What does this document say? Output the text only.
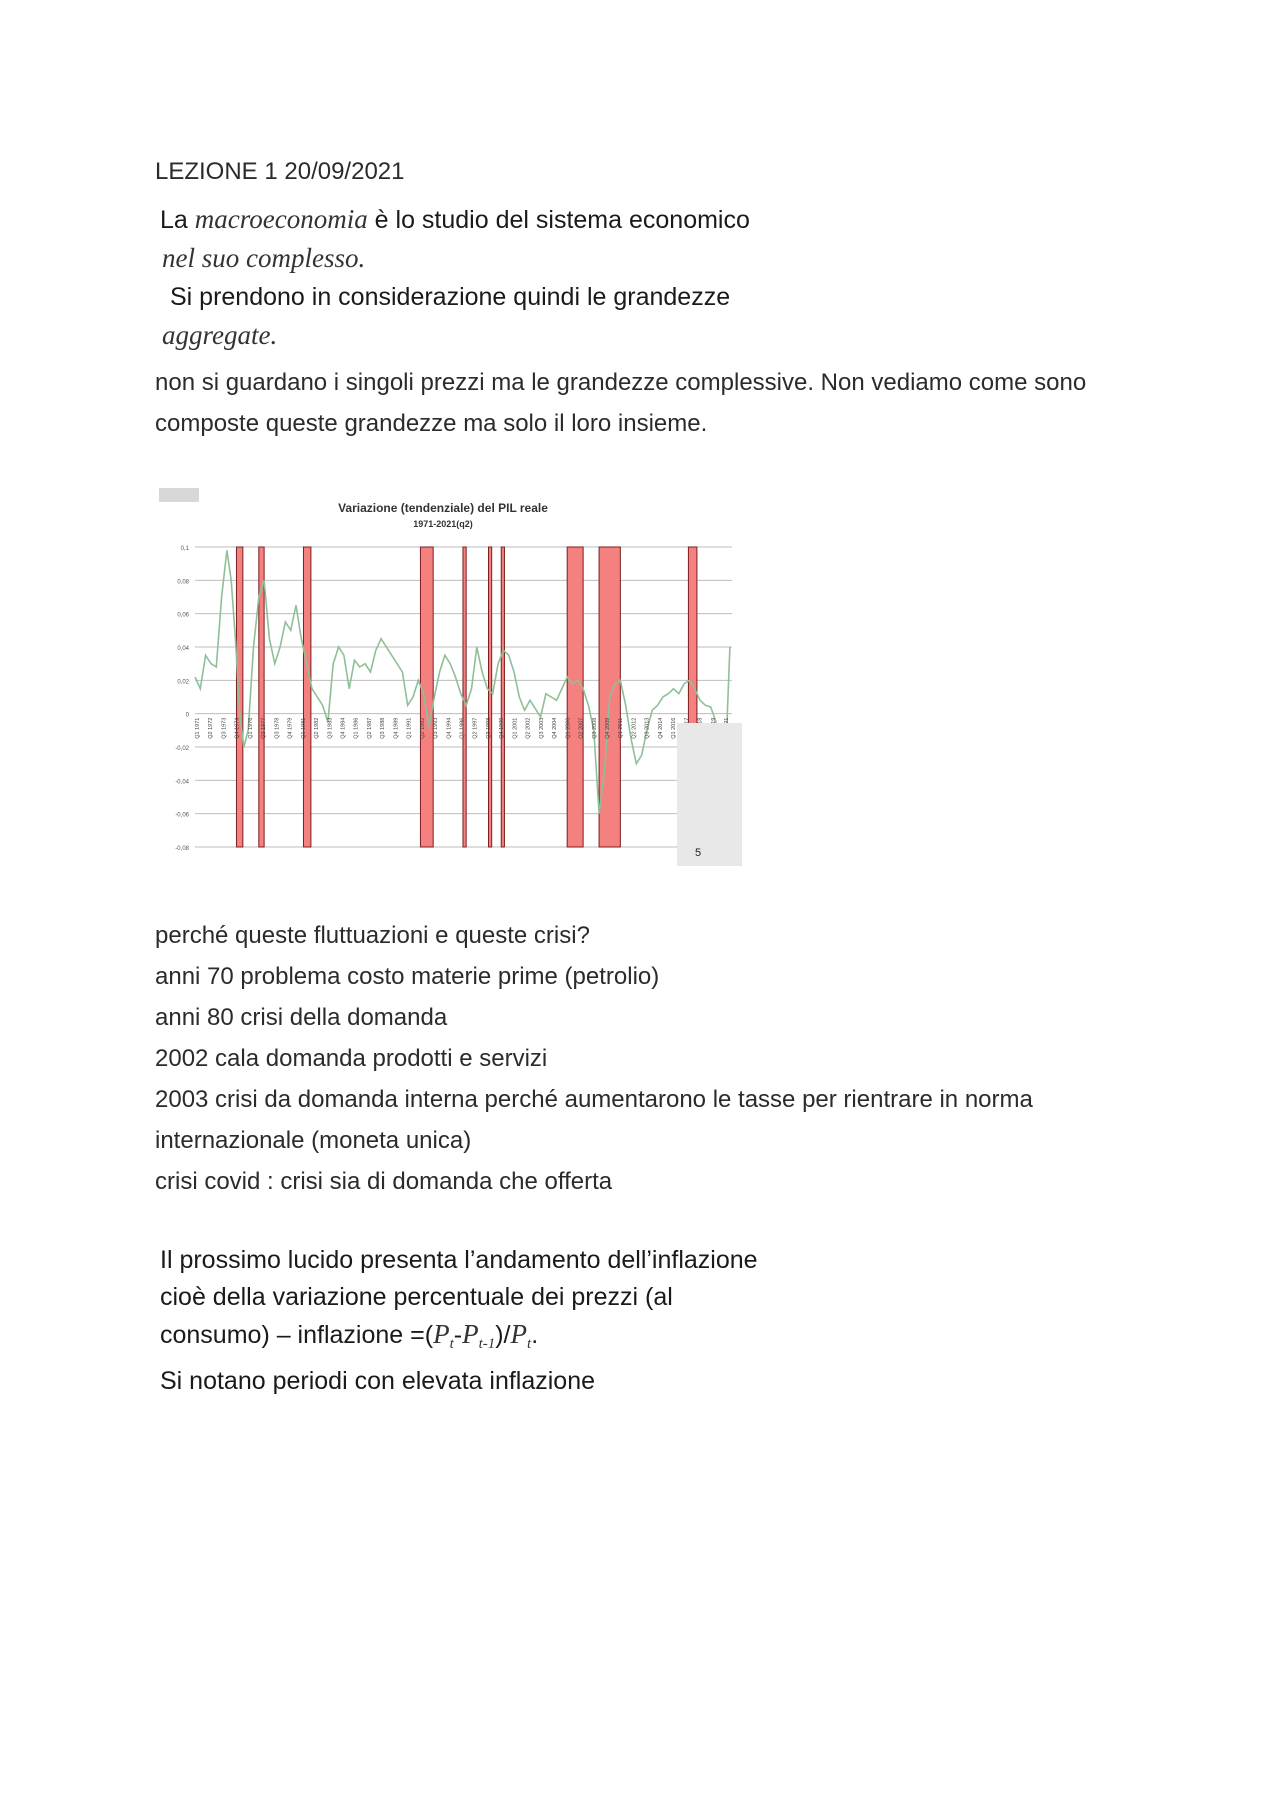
LEZIONE 1 20/09/2021
La macroeconomia è lo studio del sistema economico
nel suo complesso.
Si prendono in considerazione quindi le grandezze
aggregate.
non si guardano i singoli prezzi ma le grandezze complessive. Non vediamo come sono
composte queste grandezze ma solo il loro insieme.
Variazione (tendenziale) del PIL reale
1971-2021(q2)
0,1
0,08
0,06
0,04
0,02
0
-0,02
-0,04
-0,06
-0,08
Q1 1971 Q2 1972 Q3 1973 Q4 1974 Q1 1976 Q2 1977 Q3 1978 Q4 1979 Q1 1981 Q2 1982 Q3 1983 Q4 1984 Q1 1986 Q2 1987 Q3 1988 Q4 1989 Q1 1991 Q2 1992 Q3 1993 Q4 1994 Q1 1996 Q2 1997 Q3 1998 Q4 1999 Q1 2001 Q2 2002 Q3 2003 Q4 2004 Q1 2006 Q2 2007 Q3 2008 Q4 2009 Q1 2011 Q2 2012 Q3 2013 Q4 2014 Q1 2016
5
perché queste fluttuazioni e queste crisi?
anni 70 problema costo materie prime (petrolio)
anni 80 crisi della domanda
2002 cala domanda prodotti e servizi
2003 crisi da domanda interna perché aumentarono le tasse per rientrare in norma
internazionale (moneta unica)
crisi covid : crisi sia di domanda che offerta
Il prossimo lucido presenta l’andamento dell’inflazione
cioè della variazione percentuale dei prezzi (al
consumo) – inflazione $=(P_t-P_{t-1})/P_t$.
Si notano periodi con elevata inflazione
